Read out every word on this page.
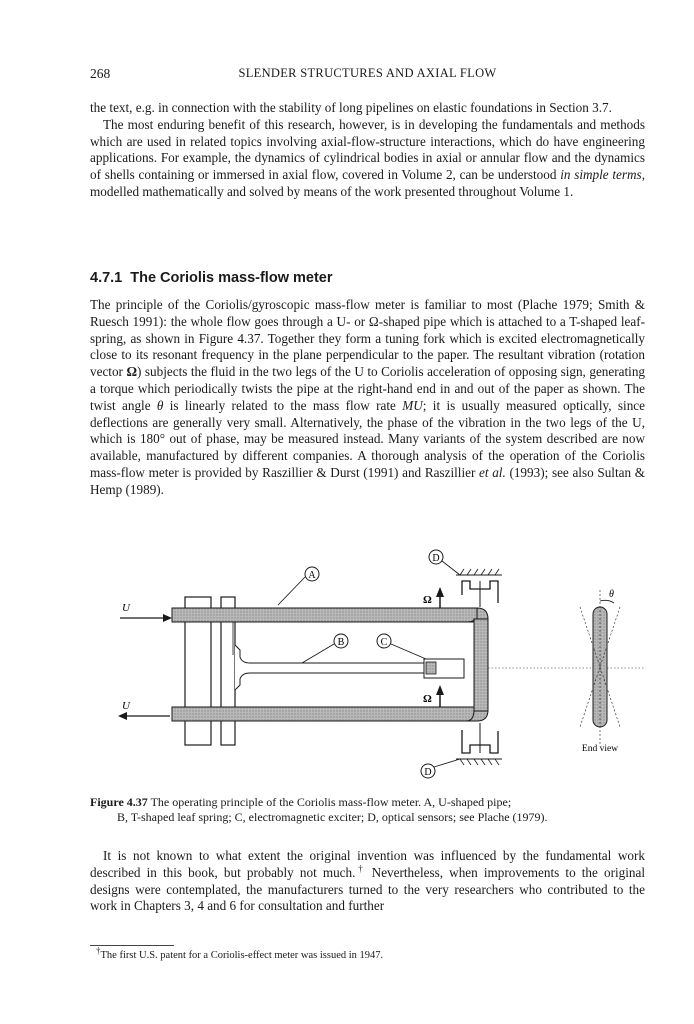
268	SLENDER STRUCTURES AND AXIAL FLOW

the text, e.g. in connection with the stability of long pipelines on elastic foundations in Section 3.7.

The most enduring benefit of this research, however, is in developing the fundamentals and methods which are used in related topics involving axial-flow-structure interactions, which do have engineering applications. For example, the dynamics of cylindrical bodies in axial or annular flow and the dynamics of shells containing or immersed in axial flow, covered in Volume 2, can be understood in simple terms, modelled mathematically and solved by means of the work presented throughout Volume 1.

4.7.1 The Coriolis mass-flow meter

The principle of the Coriolis/gyroscopic mass-flow meter is familiar to most (Plache 1979; Smith & Ruesch 1991): the whole flow goes through a U- or Ω-shaped pipe which is attached to a T-shaped leaf-spring, as shown in Figure 4.37. Together they form a tuning fork which is excited electromagnetically close to its resonant frequency in the plane perpendicular to the paper. The resultant vibration (rotation vector Ω) subjects the fluid in the two legs of the U to Coriolis acceleration of opposing sign, generating a torque which periodically twists the pipe at the right-hand end in and out of the paper as shown. The twist angle θ is linearly related to the mass flow rate MU; it is usually measured optically, since deflections are generally very small. Alternatively, the phase of the vibration in the two legs of the U, which is 180° out of phase, may be measured instead. Many variants of the system described are now available, manufactured by different companies. A thorough analysis of the operation of the Coriolis mass-flow meter is provided by Raszillier & Durst (1991) and Raszillier et al. (1993); see also Sultan & Hemp (1989).

U
U
Ω
Ω
A
B	C
D
D
θ
End view
Figure 4.37 The operating principle of the Coriolis mass-flow meter. A, U-shaped pipe;
B, T-shaped leaf spring; C, electromagnetic exciter; D, optical sensors; see Plache (1979).

It is not known to what extent the original invention was influenced by the fundamental work described in this book, but probably not much.† Nevertheless, when improvements to the original designs were contemplated, the manufacturers turned to the very researchers who contributed to the work in Chapters 3, 4 and 6 for consultation and further

†The first U.S. patent for a Coriolis-effect meter was issued in 1947.
